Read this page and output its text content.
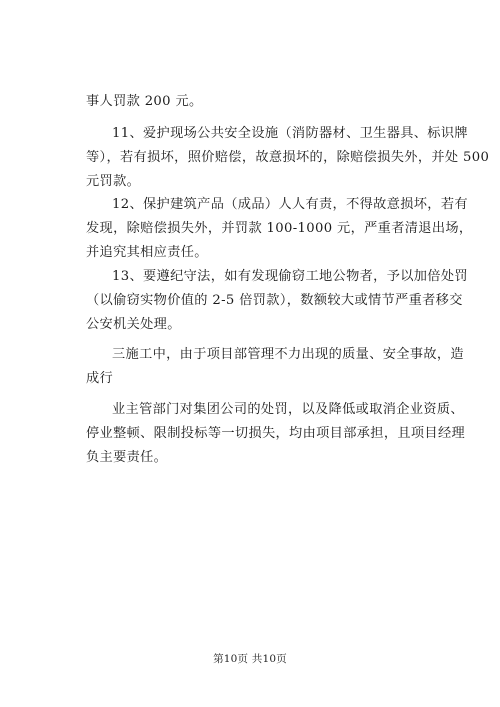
事人罚款 200 元。
11、爱护现场公共安全设施（消防器材、卫生器具、标识牌
等），若有损坏，照价赔偿，故意损坏的，除赔偿损失外，并处 500
元罚款。
12、保护建筑产品（成品）人人有责，不得故意损坏，若有
发现，除赔偿损失外，并罚款 100-1000 元，严重者清退出场，
并追究其相应责任。
13、要遵纪守法，如有发现偷窃工地公物者，予以加倍处罚
（以偷窃实物价值的 2-5 倍罚款），数额较大或情节严重者移交
公安机关处理。
三施工中，由于项目部管理不力出现的质量、安全事故，造
成行
业主管部门对集团公司的处罚，以及降低或取消企业资质、
停业整顿、限制投标等一切损失，均由项目部承担，且项目经理
负主要责任。
第10页 共10页
